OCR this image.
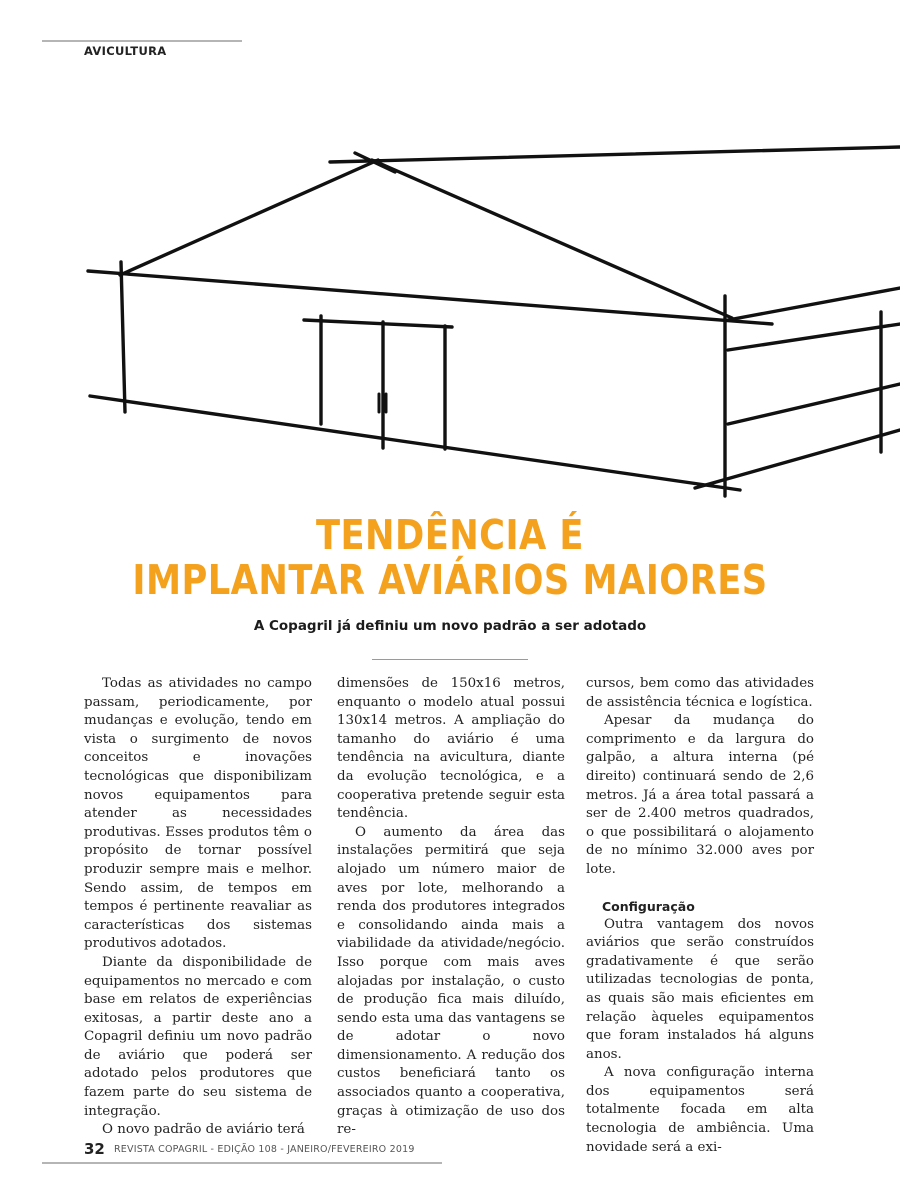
AVICULTURA
TENDÊNCIA É
IMPLANTAR AVIÁRIOS MAIORES
A Copagril já definiu um novo padrão a ser adotado

Todas as atividades no campo passam, periodicamente, por mudanças e evolução, tendo em vista o surgimento de novos conceitos e inovações tecnológicas que disponibilizam novos equipamentos para atender as necessidades produtivas. Esses produtos têm o propósito de tornar possível produzir sempre mais e melhor. Sendo assim, de tempos em tempos é pertinente reavaliar as características dos sistemas produtivos adotados.

Diante da disponibilidade de equipamentos no mercado e com base em relatos de experiências exitosas, a partir deste ano a Copagril definiu um novo padrão de aviário que poderá ser adotado pelos produtores que fazem parte do seu sistema de integração.

O novo padrão de aviário terá

dimensões de 150x16 metros, enquanto o modelo atual possui 130x14 metros. A ampliação do tamanho do aviário é uma tendência na avicultura, diante da evolução tecnológica, e a cooperativa pretende seguir esta tendência.

O aumento da área das instalações permitirá que seja alojado um número maior de aves por lote, melhorando a renda dos produtores integrados e consolidando ainda mais a viabilidade da atividade/negócio. Isso porque com mais aves alojadas por instalação, o custo de produção fica mais diluído, sendo esta uma das vantagens se de adotar o novo dimensionamento. A redução dos custos beneficiará tanto os associados quanto a cooperativa, graças à otimização de uso dos re-

cursos, bem como das atividades de assistência técnica e logística.

Apesar da mudança do comprimento e da largura do galpão, a altura interna (pé direito) continuará sendo de 2,6 metros. Já a área total passará a ser de 2.400 metros quadrados, o que possibilitará o alojamento de no mínimo 32.000 aves por lote.

Configuração

Outra vantagem dos novos aviários que serão construídos gradativamente é que serão utilizadas tecnologias de ponta, as quais são mais eficientes em relação àqueles equipamentos que foram instalados há alguns anos.

A nova configuração interna dos equipamentos será totalmente focada em alta tecnologia de ambiência. Uma novidade será a exi-

32 REVISTA COPAGRIL - EDIÇÃO 108 - JANEIRO/FEVEREIRO 2019
